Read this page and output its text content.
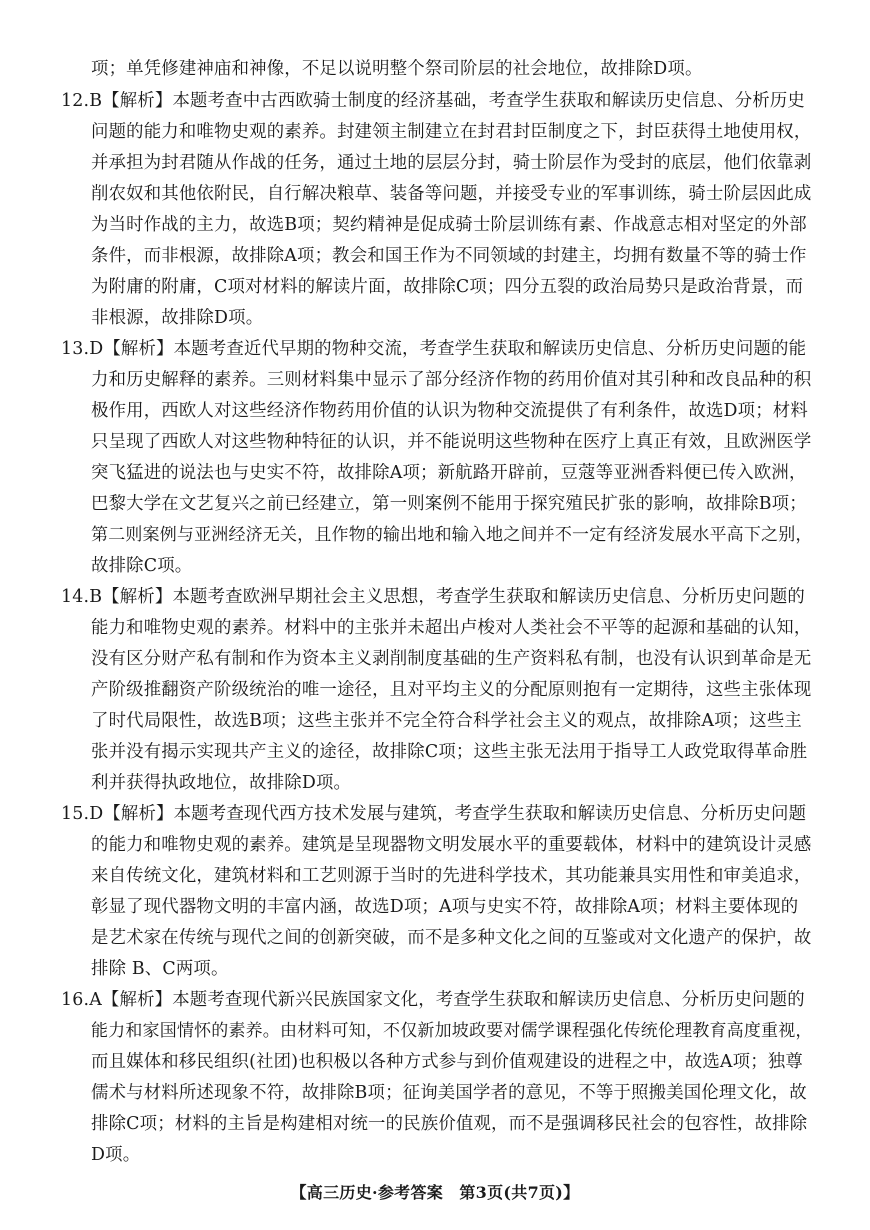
项；单凭修建神庙和神像，不足以说明整个祭司阶层的社会地位，故排除D项。
12.B【解析】本题考查中古西欧骑士制度的经济基础，考查学生获取和解读历史信息、分析历史
问题的能力和唯物史观的素养。封建领主制建立在封君封臣制度之下，封臣获得土地使用权，
并承担为封君随从作战的任务，通过土地的层层分封，骑士阶层作为受封的底层，他们依靠剥
削农奴和其他依附民，自行解决粮草、装备等问题，并接受专业的军事训练，骑士阶层因此成
为当时作战的主力，故选B项；契约精神是促成骑士阶层训练有素、作战意志相对坚定的外部
条件，而非根源，故排除A项；教会和国王作为不同领域的封建主，均拥有数量不等的骑士作
为附庸的附庸，C项对材料的解读片面，故排除C项；四分五裂的政治局势只是政治背景，而
非根源，故排除D项。
13.D【解析】本题考查近代早期的物种交流，考查学生获取和解读历史信息、分析历史问题的能
力和历史解释的素养。三则材料集中显示了部分经济作物的药用价值对其引种和改良品种的积
极作用，西欧人对这些经济作物药用价值的认识为物种交流提供了有利条件，故选D项；材料
只呈现了西欧人对这些物种特征的认识，并不能说明这些物种在医疗上真正有效，且欧洲医学
突飞猛进的说法也与史实不符，故排除A项；新航路开辟前，豆蔻等亚洲香料便已传入欧洲，
巴黎大学在文艺复兴之前已经建立，第一则案例不能用于探究殖民扩张的影响，故排除B项；
第二则案例与亚洲经济无关，且作物的输出地和输入地之间并不一定有经济发展水平高下之别，
故排除C项。
14.B【解析】本题考查欧洲早期社会主义思想，考查学生获取和解读历史信息、分析历史问题的
能力和唯物史观的素养。材料中的主张并未超出卢梭对人类社会不平等的起源和基础的认知，
没有区分财产私有制和作为资本主义剥削制度基础的生产资料私有制，也没有认识到革命是无
产阶级推翻资产阶级统治的唯一途径，且对平均主义的分配原则抱有一定期待，这些主张体现
了时代局限性，故选B项；这些主张并不完全符合科学社会主义的观点，故排除A项；这些主
张并没有揭示实现共产主义的途径，故排除C项；这些主张无法用于指导工人政党取得革命胜
利并获得执政地位，故排除D项。
15.D【解析】本题考查现代西方技术发展与建筑，考查学生获取和解读历史信息、分析历史问题
的能力和唯物史观的素养。建筑是呈现器物文明发展水平的重要载体，材料中的建筑设计灵感
来自传统文化，建筑材料和工艺则源于当时的先进科学技术，其功能兼具实用性和审美追求，
彰显了现代器物文明的丰富内涵，故选D项；A项与史实不符，故排除A项；材料主要体现的
是艺术家在传统与现代之间的创新突破，而不是多种文化之间的互鉴或对文化遗产的保护，故
排除 B、C两项。
16.A【解析】本题考查现代新兴民族国家文化，考查学生获取和解读历史信息、分析历史问题的
能力和家国情怀的素养。由材料可知，不仅新加坡政要对儒学课程强化传统伦理教育高度重视，
而且媒体和移民组织(社团)也积极以各种方式参与到价值观建设的进程之中，故选A项；独尊
儒术与材料所述现象不符，故排除B项；征询美国学者的意见，不等于照搬美国伦理文化，故
排除C项；材料的主旨是构建相对统一的民族价值观，而不是强调移民社会的包容性，故排除
D项。
【高三历史·参考答案　第3页(共7页)】
